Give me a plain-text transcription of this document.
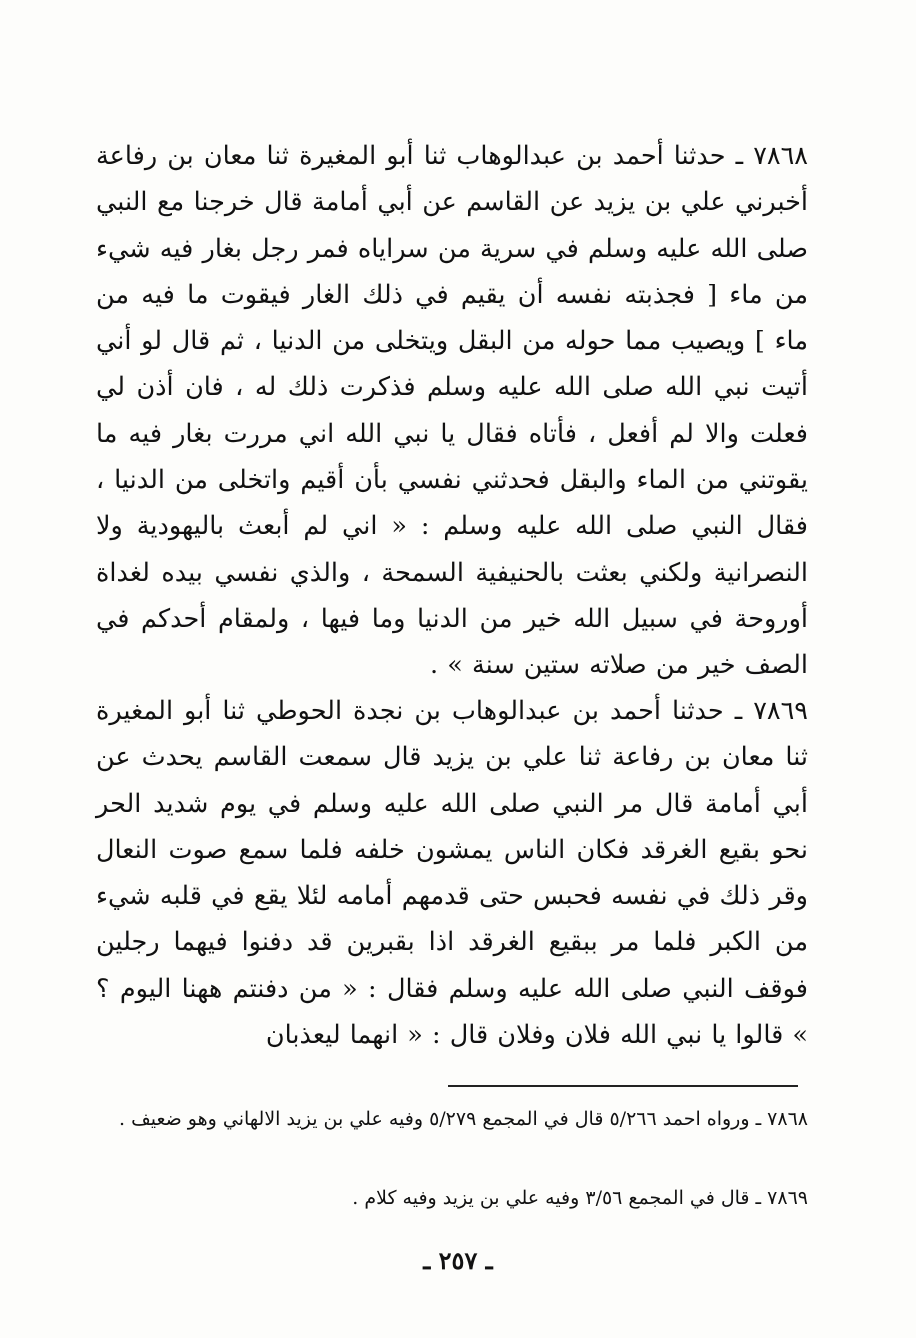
٧٨٦٨ ـ حدثنا أحمد بن عبدالوهاب ثنا أبو المغيرة ثنا معان بن رفاعة أخبرني علي بن يزيد عن القاسم عن أبي أمامة قال خرجنا مع النبي صلى الله عليه وسلم في سرية من سراياه فمر رجل بغار فيه شيء من ماء [ فجذبته نفسه أن يقيم في ذلك الغار فيقوت ما فيه من ماء ] ويصيب مما حوله من البقل ويتخلى من الدنيا ، ثم قال لو أني أتيت نبي الله صلى الله عليه وسلم فذكرت ذلك له ، فان أذن لي فعلت والا لم أفعل ، فأتاه فقال يا نبي الله اني مررت بغار فيه ما يقوتني من الماء والبقل فحدثني نفسي بأن أقيم واتخلى من الدنيا ، فقال النبي صلى الله عليه وسلم : « اني لم أبعث باليهودية ولا النصرانية ولكني بعثت بالحنيفية السمحة ، والذي نفسي بيده لغداة أوروحة في سبيل الله خير من الدنيا وما فيها ، ولمقام أحدكم في الصف خير من صلاته ستين سنة » .

٧٨٦٩ ـ حدثنا أحمد بن عبدالوهاب بن نجدة الحوطي ثنا أبو المغيرة ثنا معان بن رفاعة ثنا علي بن يزيد قال سمعت القاسم يحدث عن أبي أمامة قال مر النبي صلى الله عليه وسلم في يوم شديد الحر نحو بقيع الغرقد فكان الناس يمشون خلفه فلما سمع صوت النعال وقر ذلك في نفسه فحبس حتى قدمهم أمامه لئلا يقع في قلبه شيء من الكبر فلما مر ببقيع الغرقد اذا بقبرين قد دفنوا فيهما رجلين فوقف النبي صلى الله عليه وسلم فقال : « من دفنتم ههنا اليوم ؟ » قالوا يا نبي الله فلان وفلان قال : « انهما ليعذبان

٧٨٦٨ ـ ورواه احمد ٥/٢٦٦ قال في المجمع ٥/٢٧٩ وفيه علي بن يزيد الالهاني وهو ضعيف .

٧٨٦٩ ـ قال في المجمع ٣/٥٦ وفيه علي بن يزيد وفيه كلام .

ـ ٢٥٧ ـ
